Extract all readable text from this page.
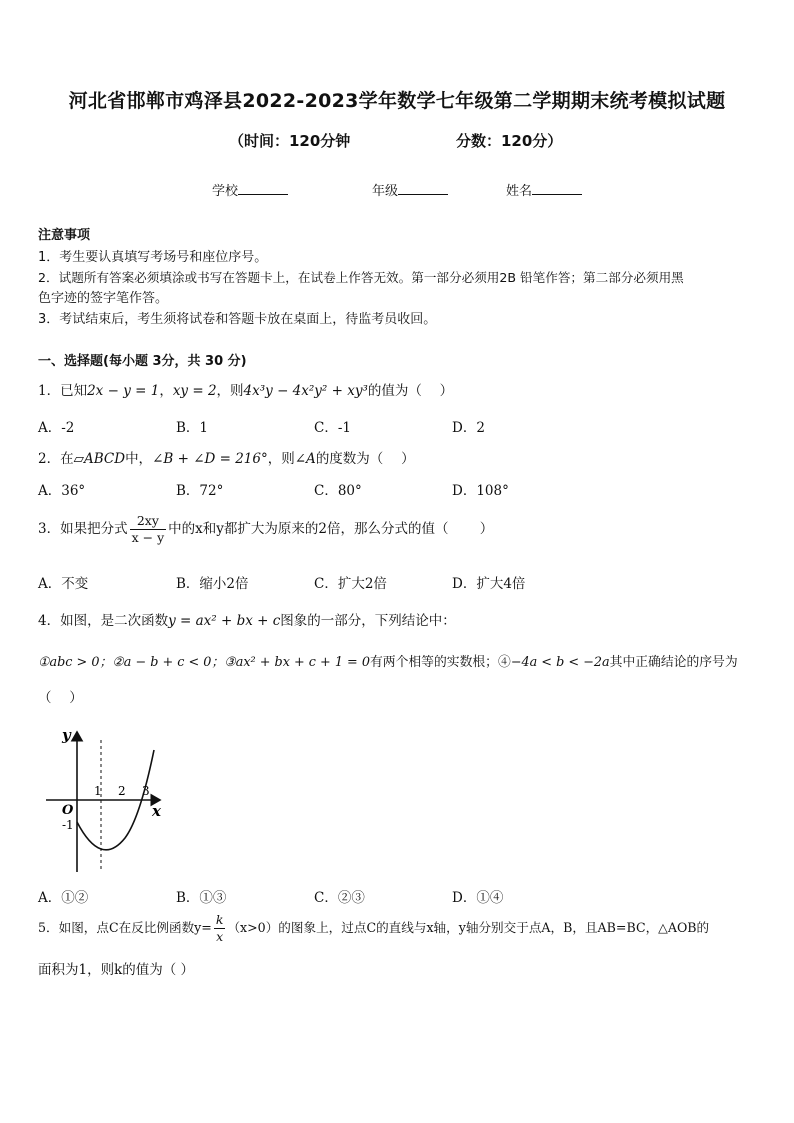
河北省邯郸市鸡泽县2022-2023学年数学七年级第二学期期末统考模拟试题
（时间：120分钟	分数：120分）
学校	年级	姓名
注意事项
1．考生要认真填写考场号和座位序号。
2．试题所有答案必须填涂或书写在答题卡上，在试卷上作答无效。第一部分必须用2B 铅笔作答；第二部分必须用黑
色字迹的签字笔作答。
3．考试结束后，考生须将试卷和答题卡放在桌面上，待监考员收回。
一、选择题(每小题 3分，共 30 分)
1．已知2x − y = 1，xy = 2，则4x³y − 4x²y² + xy³的值为（　 ）
A．-2	B．1	C．-1	D．2
2．在▱ABCD中，∠B + ∠D = 216°，则∠A的度数为（　 ）
A．36°	B．72°	C．80°	D．108°
3．如果把分式 $\frac{2xy}{x - y}$ 中的x和y都扩大为原来的2倍，那么分式的值（　　 ）
A．不变	B．缩小2倍	C．扩大2倍	D．扩大4倍
4．如图，是二次函数y = ax² + bx + c图象的一部分，下列结论中：
①abc > 0；②a − b + c < 0；③ax² + bx + c + 1 = 0有两个相等的实数根；④−4a < b < −2a其中正确结论的序号为
（　 ）
y
x
O
1 2 3
-1
A．①②	B．①③	C．②③	D．①④
5．如图，点C在反比例函数$y= \frac{k}{x} (x>0)$的图象上，过点C的直线与x轴，y轴分别交于点A，B，且AB=BC，△AOB的
面积为1，则k的值为（ ）
